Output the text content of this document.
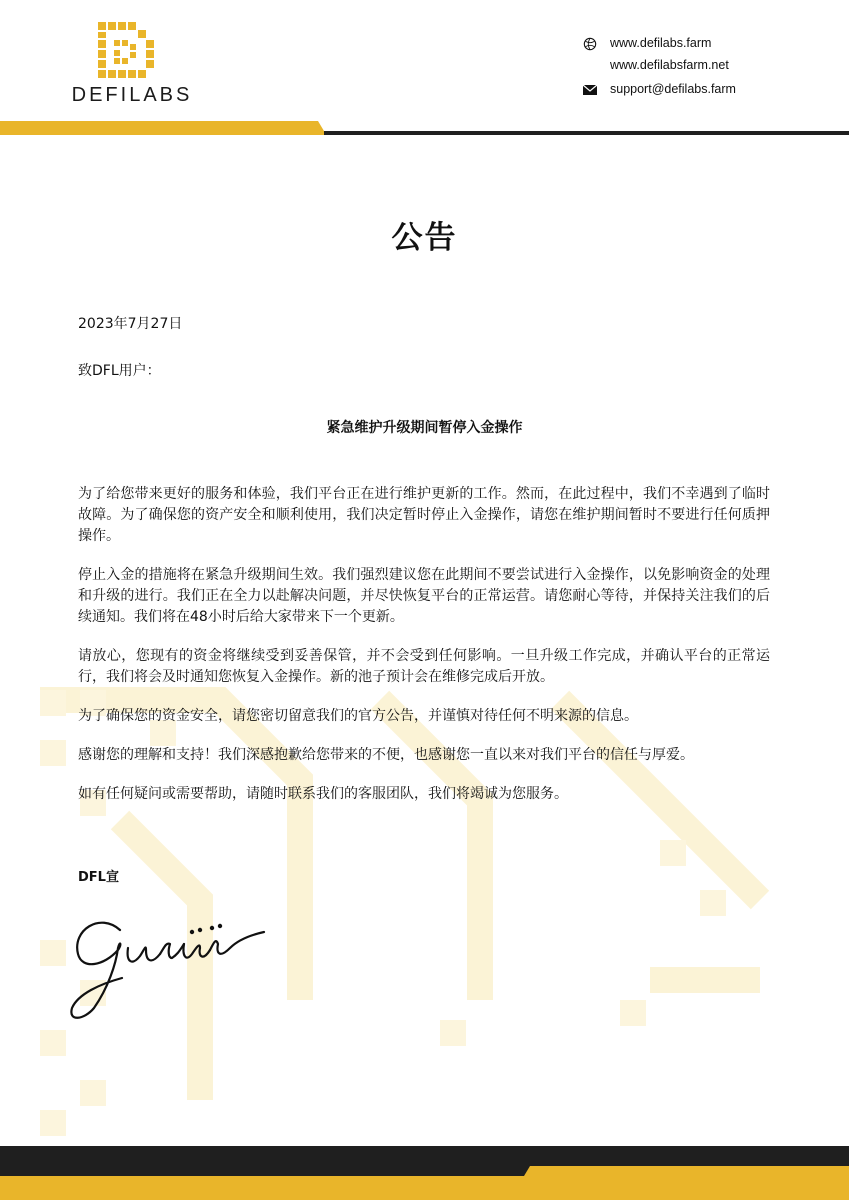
DEFILABS
www.defilabs.farm
www.defilabsfarm.net
support@defilabs.farm
公告
2023年7月27日
致DFL用户：
紧急维护升级期间暂停入金操作

为了给您带来更好的服务和体验，我们平台正在进行维护更新的工作。然而，在此过程中，我们不幸遇到了临时故障。为了确保您的资产安全和顺利使用，我们决定暂时停止入金操作，请您在维护期间暂时不要进行任何质押操作。

停止入金的措施将在紧急升级期间生效。我们强烈建议您在此期间不要尝试进行入金操作，以免影响资金的处理和升级的进行。我们正在全力以赴解决问题，并尽快恢复平台的正常运营。请您耐心等待，并保持关注我们的后续通知。我们将在48小时后给大家带来下一个更新。

请放心，您现有的资金将继续受到妥善保管，并不会受到任何影响。一旦升级工作完成，并确认平台的正常运行，我们将会及时通知您恢复入金操作。新的池子预计会在维修完成后开放。

为了确保您的资金安全，请您密切留意我们的官方公告，并谨慎对待任何不明来源的信息。

感谢您的理解和支持！我们深感抱歉给您带来的不便，也感谢您一直以来对我们平台的信任与厚爱。

如有任何疑问或需要帮助，请随时联系我们的客服团队，我们将竭诚为您服务。

DFL宣
